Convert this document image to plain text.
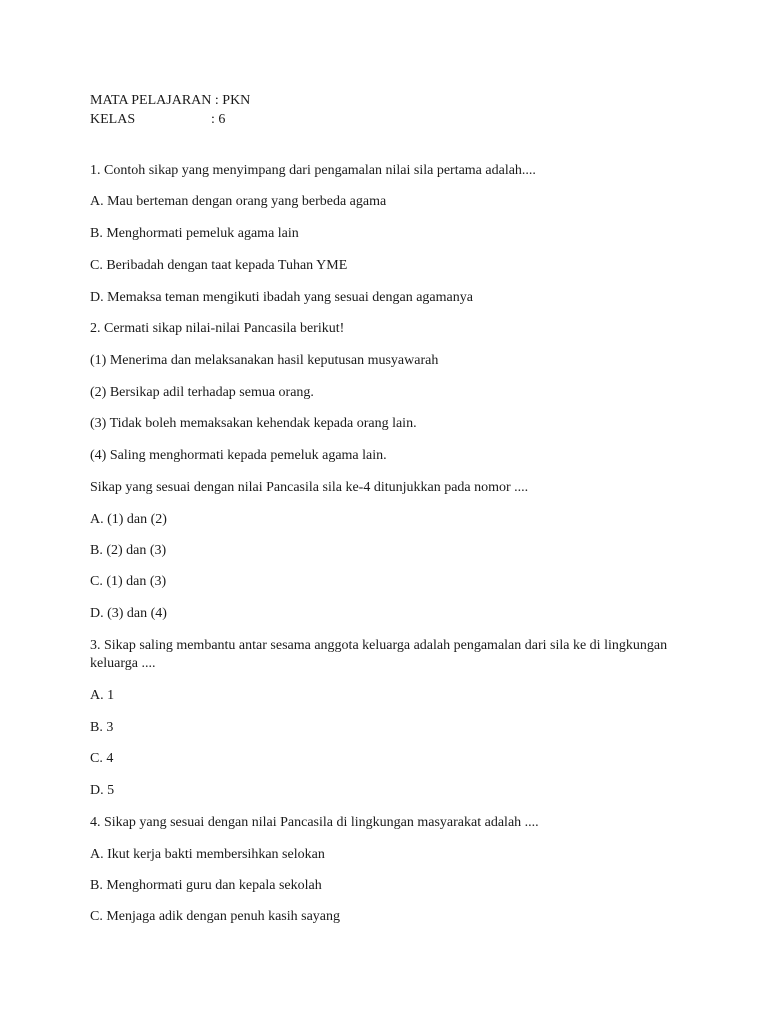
MATA PELAJARAN : PKN
KELAS	: 6
1. Contoh sikap yang menyimpang dari pengamalan nilai sila pertama adalah....
A. Mau berteman dengan orang yang berbeda agama
B. Menghormati pemeluk agama lain
C. Beribadah dengan taat kepada Tuhan YME
D. Memaksa teman mengikuti ibadah yang sesuai dengan agamanya
2. Cermati sikap nilai-nilai Pancasila berikut!
(1) Menerima dan melaksanakan hasil keputusan musyawarah
(2) Bersikap adil terhadap semua orang.
(3) Tidak boleh memaksakan kehendak kepada orang lain.
(4) Saling menghormati kepada pemeluk agama lain.
Sikap yang sesuai dengan nilai Pancasila sila ke-4 ditunjukkan pada nomor ....
A. (1) dan (2)
B. (2) dan (3)
C. (1) dan (3)
D. (3) dan (4)
3. Sikap saling membantu antar sesama anggota keluarga adalah pengamalan dari sila ke di lingkungan keluarga ....
A. 1
B. 3
C. 4
D. 5
4. Sikap yang sesuai dengan nilai Pancasila di lingkungan masyarakat adalah ....
A. Ikut kerja bakti membersihkan selokan
B. Menghormati guru dan kepala sekolah
C. Menjaga adik dengan penuh kasih sayang
